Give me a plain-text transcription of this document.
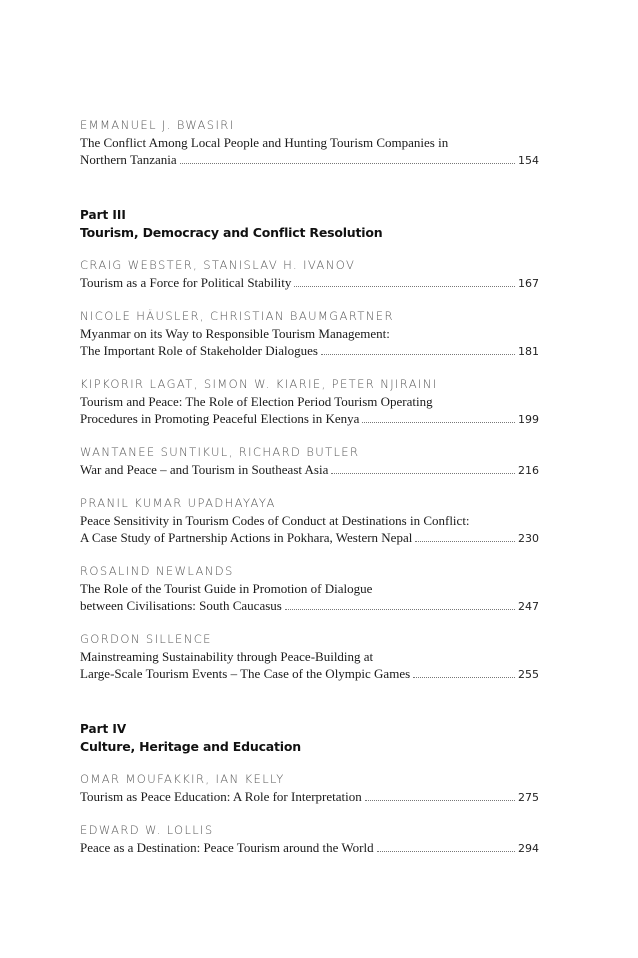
EMMANUEL J. BWASIRI
The Conflict Among Local People and Hunting Tourism Companies in
Northern Tanzania	154
Part III
Tourism, Democracy and Conflict Resolution
CRAIG WEBSTER, STANISLAV H. IVANOV
Tourism as a Force for Political Stability	167
NICOLE HÄUSLER, CHRISTIAN BAUMGARTNER
Myanmar on its Way to Responsible Tourism Management:
The Important Role of Stakeholder Dialogues	181
KIPKORIR LAGAT, SIMON W. KIARIE, PETER NJIRAINI
Tourism and Peace: The Role of Election Period Tourism Operating
Procedures in Promoting Peaceful Elections in Kenya	199
WANTANEE SUNTIKUL, RICHARD BUTLER
War and Peace – and Tourism in Southeast Asia	216
PRANIL KUMAR UPADHAYAYA
Peace Sensitivity in Tourism Codes of Conduct at Destinations in Conflict:
A Case Study of Partnership Actions in Pokhara, Western Nepal	230
ROSALIND NEWLANDS
The Role of the Tourist Guide in Promotion of Dialogue
between Civilisations: South Caucasus	247
GORDON SILLENCE
Mainstreaming Sustainability through Peace-Building at
Large-Scale Tourism Events – The Case of the Olympic Games	255
Part IV
Culture, Heritage and Education
OMAR MOUFAKKIR, IAN KELLY
Tourism as Peace Education: A Role for Interpretation	275
EDWARD W. LOLLIS
Peace as a Destination: Peace Tourism around the World	294
